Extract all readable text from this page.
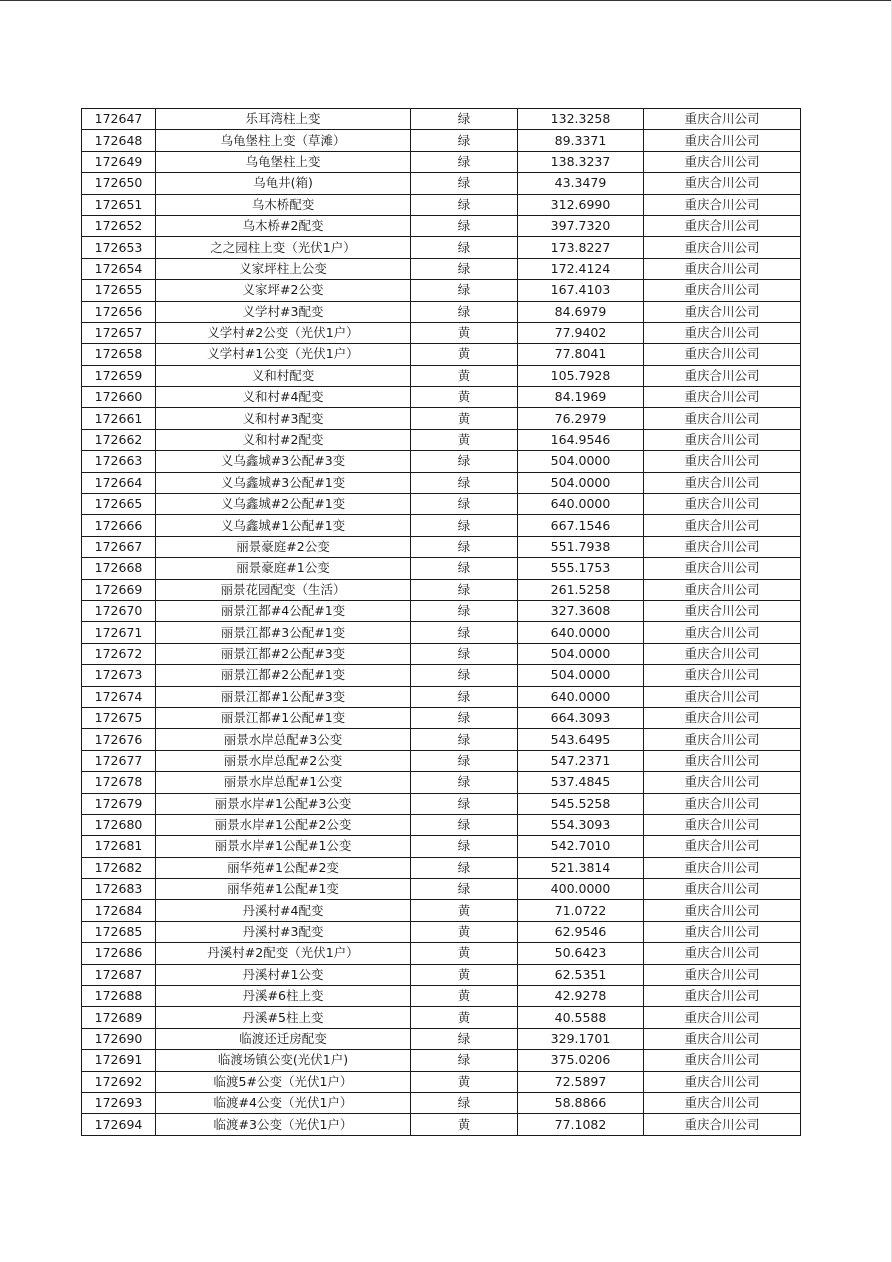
172647	乐耳湾柱上变	绿	132.3258	重庆合川公司
172648	乌龟堡柱上变（草滩）	绿	89.3371	重庆合川公司
172649	乌龟堡柱上变	绿	138.3237	重庆合川公司
172650	乌龟井(箱)	绿	43.3479	重庆合川公司
172651	乌木桥配变	绿	312.6990	重庆合川公司
172652	乌木桥#2配变	绿	397.7320	重庆合川公司
172653	之之园柱上变（光伏1户）	绿	173.8227	重庆合川公司
172654	义家坪柱上公变	绿	172.4124	重庆合川公司
172655	义家坪#2公变	绿	167.4103	重庆合川公司
172656	义学村#3配变	绿	84.6979	重庆合川公司
172657	义学村#2公变（光伏1户）	黄	77.9402	重庆合川公司
172658	义学村#1公变（光伏1户）	黄	77.8041	重庆合川公司
172659	义和村配变	黄	105.7928	重庆合川公司
172660	义和村#4配变	黄	84.1969	重庆合川公司
172661	义和村#3配变	黄	76.2979	重庆合川公司
172662	义和村#2配变	黄	164.9546	重庆合川公司
172663	义乌鑫城#3公配#3变	绿	504.0000	重庆合川公司
172664	义乌鑫城#3公配#1变	绿	504.0000	重庆合川公司
172665	义乌鑫城#2公配#1变	绿	640.0000	重庆合川公司
172666	义乌鑫城#1公配#1变	绿	667.1546	重庆合川公司
172667	丽景豪庭#2公变	绿	551.7938	重庆合川公司
172668	丽景豪庭#1公变	绿	555.1753	重庆合川公司
172669	丽景花园配变（生活）	绿	261.5258	重庆合川公司
172670	丽景江都#4公配#1变	绿	327.3608	重庆合川公司
172671	丽景江都#3公配#1变	绿	640.0000	重庆合川公司
172672	丽景江都#2公配#3变	绿	504.0000	重庆合川公司
172673	丽景江都#2公配#1变	绿	504.0000	重庆合川公司
172674	丽景江都#1公配#3变	绿	640.0000	重庆合川公司
172675	丽景江都#1公配#1变	绿	664.3093	重庆合川公司
172676	丽景水岸总配#3公变	绿	543.6495	重庆合川公司
172677	丽景水岸总配#2公变	绿	547.2371	重庆合川公司
172678	丽景水岸总配#1公变	绿	537.4845	重庆合川公司
172679	丽景水岸#1公配#3公变	绿	545.5258	重庆合川公司
172680	丽景水岸#1公配#2公变	绿	554.3093	重庆合川公司
172681	丽景水岸#1公配#1公变	绿	542.7010	重庆合川公司
172682	丽华苑#1公配#2变	绿	521.3814	重庆合川公司
172683	丽华苑#1公配#1变	绿	400.0000	重庆合川公司
172684	丹溪村#4配变	黄	71.0722	重庆合川公司
172685	丹溪村#3配变	黄	62.9546	重庆合川公司
172686	丹溪村#2配变（光伏1户）	黄	50.6423	重庆合川公司
172687	丹溪村#1公变	黄	62.5351	重庆合川公司
172688	丹溪#6柱上变	黄	42.9278	重庆合川公司
172689	丹溪#5柱上变	黄	40.5588	重庆合川公司
172690	临渡还迁房配变	绿	329.1701	重庆合川公司
172691	临渡场镇公变(光伏1户)	绿	375.0206	重庆合川公司
172692	临渡5#公变（光伏1户）	黄	72.5897	重庆合川公司
172693	临渡#4公变（光伏1户）	绿	58.8866	重庆合川公司
172694	临渡#3公变（光伏1户）	黄	77.1082	重庆合川公司
